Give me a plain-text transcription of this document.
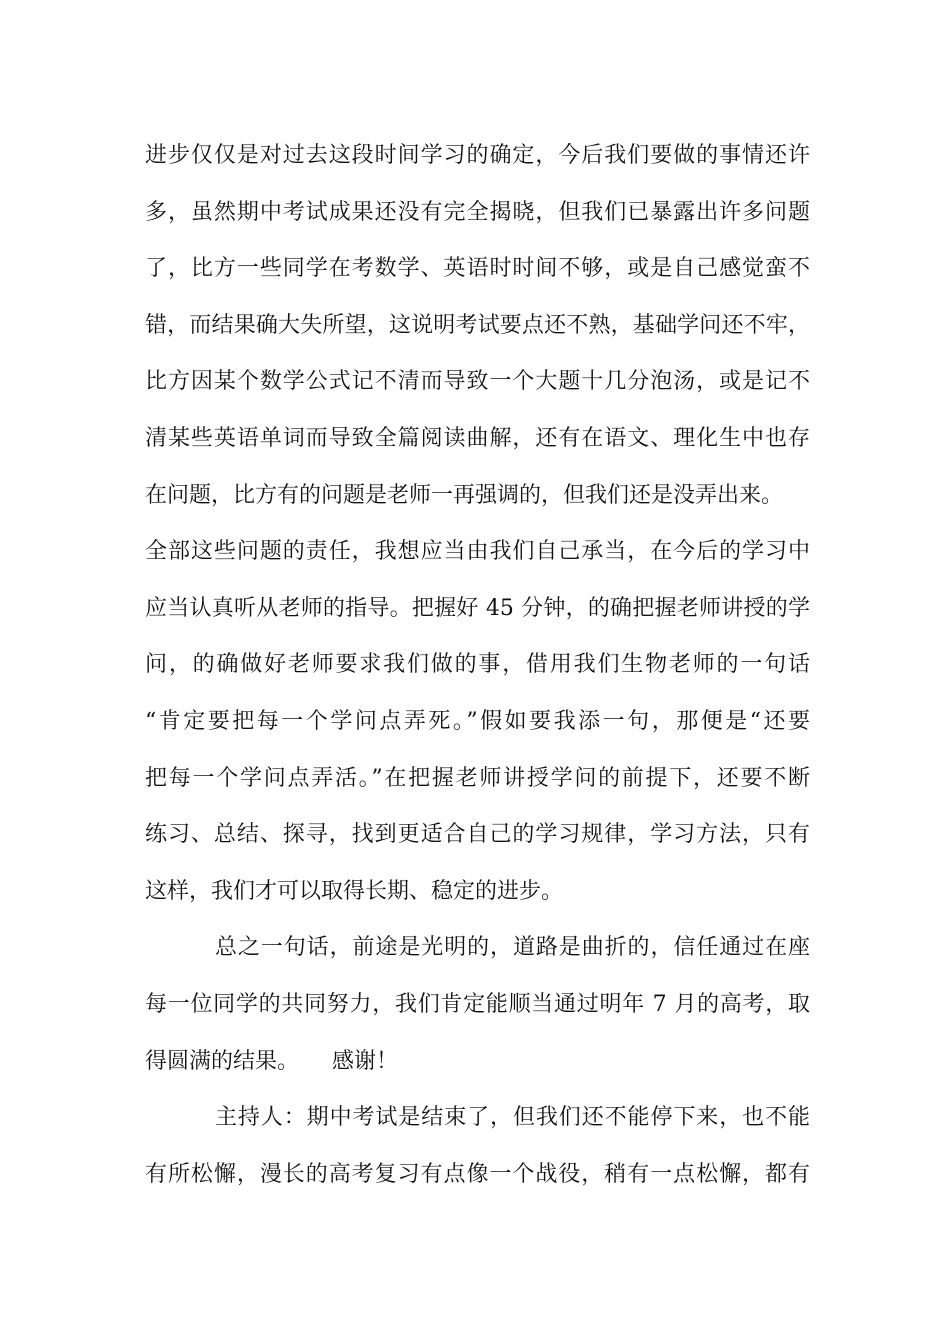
进步仅仅是对过去这段时间学习的确定，今后我们要做的事情还许
多，虽然期中考试成果还没有完全揭晓，但我们已暴露出许多问题
了，比方一些同学在考数学、英语时时间不够，或是自己感觉蛮不
错，而结果确大失所望，这说明考试要点还不熟，基础学问还不牢，
比方因某个数学公式记不清而导致一个大题十几分泡汤，或是记不
清某些英语单词而导致全篇阅读曲解，还有在语文、理化生中也存
在问题，比方有的问题是老师一再强调的，但我们还是没弄出来。
全部这些问题的责任，我想应当由我们自己承当，在今后的学习中
应当认真听从老师的指导。把握好 45 分钟，的确把握老师讲授的学
问，的确做好老师要求我们做的事，借用我们生物老师的一句话
“肯定要把每一个学问点弄死。”假如要我添一句，那便是“还要
把每一个学问点弄活。”在把握老师讲授学问的前提下，还要不断
练习、总结、探寻，找到更适合自己的学习规律，学习方法，只有
这样，我们才可以取得长期、稳定的进步。
总之一句话，前途是光明的，道路是曲折的，信任通过在座
每一位同学的共同努力，我们肯定能顺当通过明年 7 月的高考，取
得圆满的结果。　　感谢！
主持人：期中考试是结束了，但我们还不能停下来，也不能
有所松懈，漫长的高考复习有点像一个战役，稍有一点松懈，都有
